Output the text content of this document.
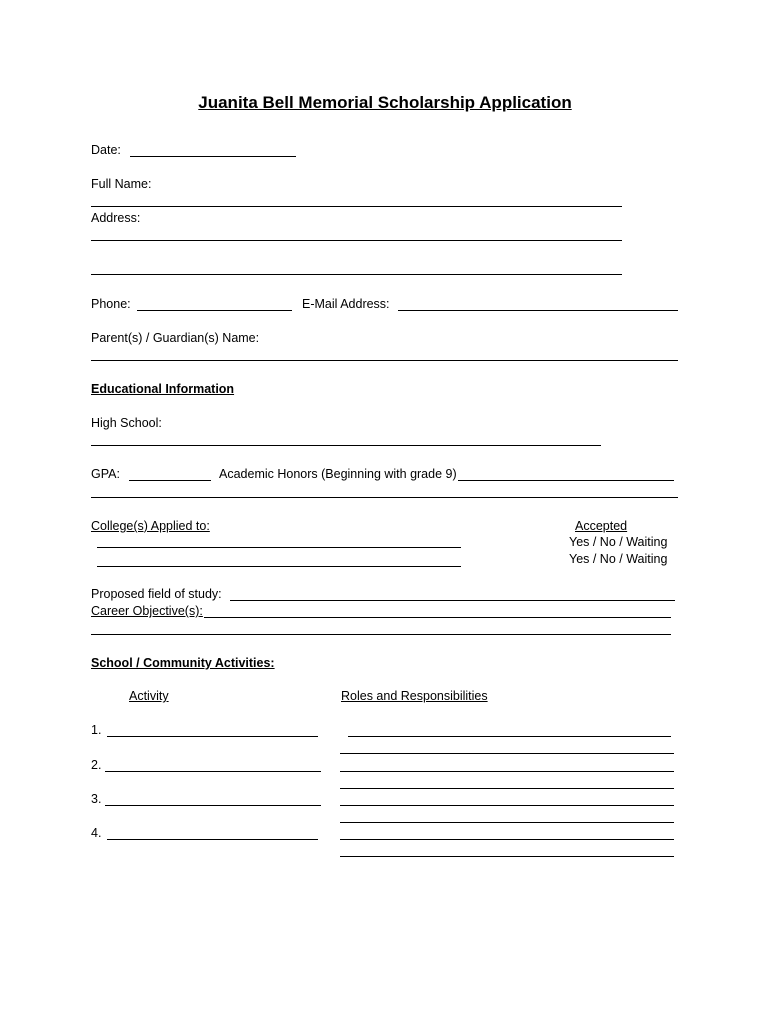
Juanita Bell Memorial Scholarship Application
Date:
Full Name:
Address:
Phone:	E-Mail Address:
Parent(s) / Guardian(s) Name:
Educational Information
High School:
GPA:	Academic Honors (Beginning with grade 9)
College(s) Applied to:	Accepted
Yes / No / Waiting
Yes / No / Waiting
Proposed field of study:
Career Objective(s):
School / Community Activities:
Activity	Roles and Responsibilities
1.
2.
3.
4.
